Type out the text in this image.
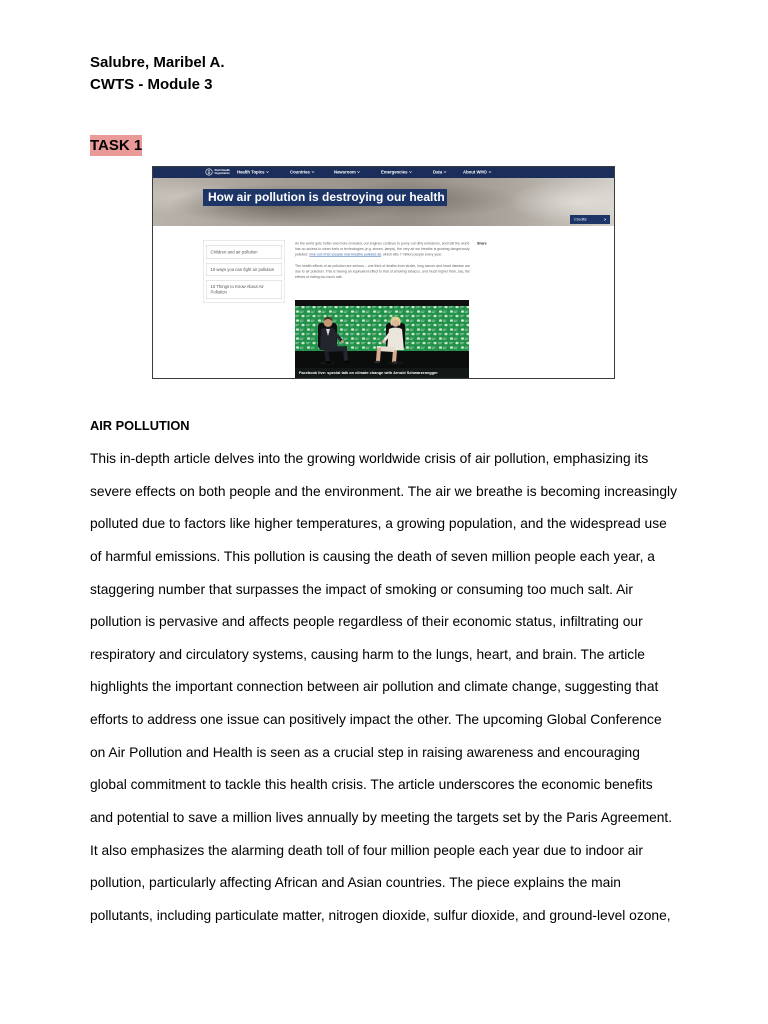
Salubre, Maribel A.
CWTS - Module 3
TASK 1
World Health Organization Health Topics	Countries	Newsroom	Emergencies	Data	About WHO
How air pollution is destroying our health
Credits
Children and air pollution
10 ways you can fight air pollution
10 Things to Know About Air Pollution

As the world gets hotter and more crowded, our engines continue to pump out dirty emissions, and half the world has no access to clean fuels or technologies (e.g. stoves, lamps), the very air we breathe is growing dangerously polluted: nine out of ten people now breathe polluted air, which kills 7 million people every year.

The health effects of air pollution are serious – one third of deaths from stroke, lung cancer and heart disease are due to air pollution. This is having an equivalent effect to that of smoking tobacco, and much higher than, say, the effects of eating too much salt.

Share
Facebook live: special talk on climate change with Arnold Schwarzenegger
AIR POLLUTION
This in-depth article delves into the growing worldwide crisis of air pollution, emphasizing its
severe effects on both people and the environment. The air we breathe is becoming increasingly
polluted due to factors like higher temperatures, a growing population, and the widespread use
of harmful emissions. This pollution is causing the death of seven million people each year, a
staggering number that surpasses the impact of smoking or consuming too much salt. Air
pollution is pervasive and affects people regardless of their economic status, infiltrating our
respiratory and circulatory systems, causing harm to the lungs, heart, and brain. The article
highlights the important connection between air pollution and climate change, suggesting that
efforts to address one issue can positively impact the other. The upcoming Global Conference
on Air Pollution and Health is seen as a crucial step in raising awareness and encouraging
global commitment to tackle this health crisis. The article underscores the economic benefits
and potential to save a million lives annually by meeting the targets set by the Paris Agreement.
It also emphasizes the alarming death toll of four million people each year due to indoor air
pollution, particularly affecting African and Asian countries. The piece explains the main
pollutants, including particulate matter, nitrogen dioxide, sulfur dioxide, and ground-level ozone,
